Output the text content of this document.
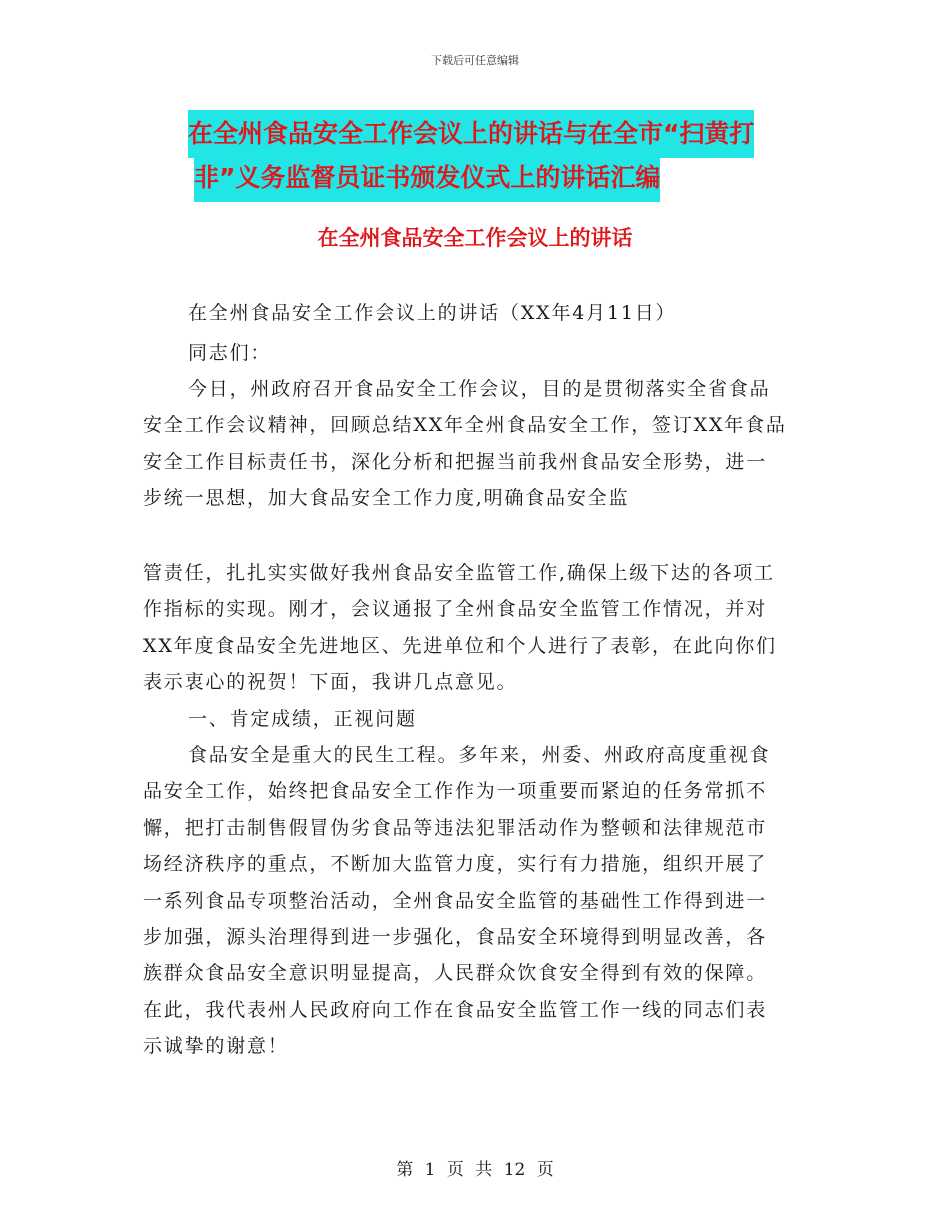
下载后可任意编辑
在全州食品安全工作会议上的讲话与在全市“扫黄打
非”义务监督员证书颁发仪式上的讲话汇编
在全州食品安全工作会议上的讲话
在全州食品安全工作会议上的讲话（XX年4月11日）
同志们：
今日，州政府召开食品安全工作会议，目的是贯彻落实全省食品
安全工作会议精神，回顾总结XX年全州食品安全工作，签订XX年食品
安全工作目标责任书，深化分析和把握当前我州食品安全形势，进一
步统一思想，加大食品安全工作力度,明确食品安全监
管责任，扎扎实实做好我州食品安全监管工作,确保上级下达的各项工
作指标的实现。刚才，会议通报了全州食品安全监管工作情况，并对
XX年度食品安全先进地区、先进单位和个人进行了表彰，在此向你们
表示衷心的祝贺！下面，我讲几点意见。
一、肯定成绩，正视问题
食品安全是重大的民生工程。多年来，州委、州政府高度重视食
品安全工作，始终把食品安全工作作为一项重要而紧迫的任务常抓不
懈，把打击制售假冒伪劣食品等违法犯罪活动作为整顿和法律规范市
场经济秩序的重点，不断加大监管力度，实行有力措施，组织开展了
一系列食品专项整治活动，全州食品安全监管的基础性工作得到进一
步加强，源头治理得到进一步强化，食品安全环境得到明显改善，各
族群众食品安全意识明显提高，人民群众饮食安全得到有效的保障。
在此，我代表州人民政府向工作在食品安全监管工作一线的同志们表
示诚挚的谢意！
第 1 页 共 12 页
